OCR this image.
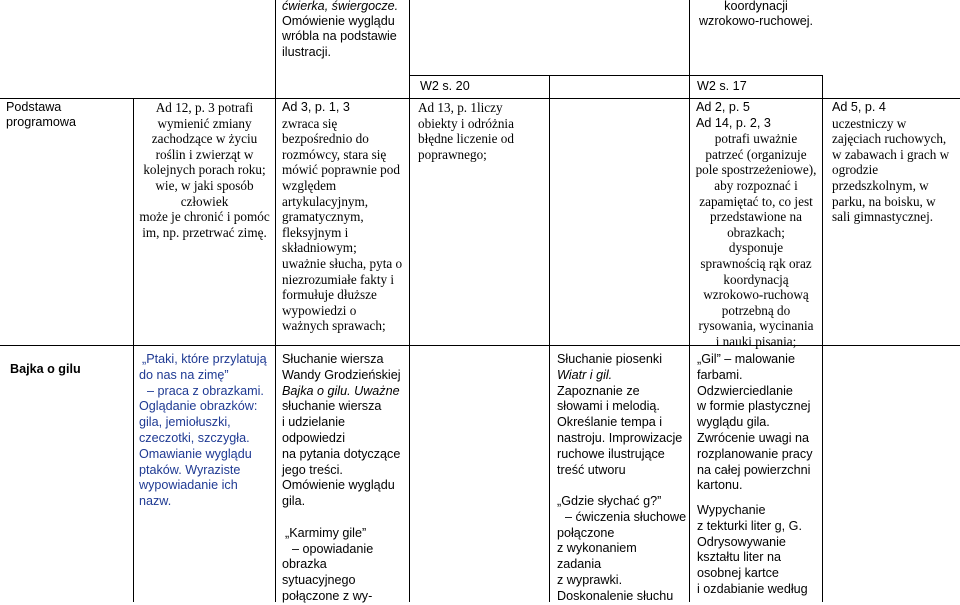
ćwierka, świergocze.
Omówienie wyglądu
wróbla na podstawie
ilustracji.
koordynacji
wzrokowo-ruchowej.
W2 s. 20	W2 s. 17
Podstawa
programowa
Ad 12, p. 3 potrafi
wymienić zmiany
zachodzące w życiu
roślin i zwierząt w
kolejnych porach roku;
wie, w jaki sposób
człowiek
może je chronić i pomóc
im, np. przetrwać zimę.
Ad 3, p. 1, 3
zwraca się
bezpośrednio do
rozmówcy, stara się
mówić poprawnie pod
względem
artykulacyjnym,
gramatycznym,
fleksyjnym i
składniowym;
uważnie słucha, pyta o
niezrozumiałe fakty i
formułuje dłuższe
wypowiedzi o
ważnych sprawach;
Ad 13, p. 1liczy
obiekty i odróżnia
błędne liczenie od
poprawnego;
Ad 2, p. 5
Ad 14, p. 2, 3
potrafi uważnie
patrzeć (organizuje
pole spostrzeżeniowe),
aby rozpoznać i
zapamiętać to, co jest
przedstawione na
obrazkach;
dysponuje
sprawnością rąk oraz
koordynacją
wzrokowo-ruchową
potrzebną do
rysowania, wycinania
i nauki pisania;
Ad 5, p. 4
uczestniczy w
zajęciach ruchowych,
w zabawach i grach w
ogrodzie
przedszkolnym, w
parku, na boisku, w
sali gimnastycznej.
Bajka o gilu
„Ptaki, które przylatują
do nas na zimę”
– praca z obrazkami.
Oglądanie obrazków:
gila, jemiołuszki,
czeczotki, szczygła.
Omawianie wyglądu
ptaków. Wyraziste
wypowiadanie ich
nazw.
Słuchanie wiersza
Wandy Grodzieńskiej
Bajka o gilu. Uważne
słuchanie wiersza
i udzielanie
odpowiedzi
na pytania dotyczące
jego treści.
Omówienie wyglądu
gila.
„Karmimy gile”
– opowiadanie
obrazka
sytuacyjnego
połączone z wy-
Słuchanie piosenki
Wiatr i gil.
Zapoznanie ze
słowami i melodią.
Określanie tempa i
nastroju. Improwizacje
ruchowe ilustrujące
treść utworu
„Gdzie słychać g?”
– ćwiczenia słuchowe
połączone
z wykonaniem
zadania
z wyprawki.
Doskonalenie słuchu
„Gil” – malowanie
farbami.
Odzwierciedlanie
w formie plastycznej
wyglądu gila.
Zwrócenie uwagi na
rozplanowanie pracy
na całej powierzchni
kartonu.
Wypychanie
z tekturki liter g, G.
Odrysowywanie
kształtu liter na
osobnej kartce
i ozdabianie według
